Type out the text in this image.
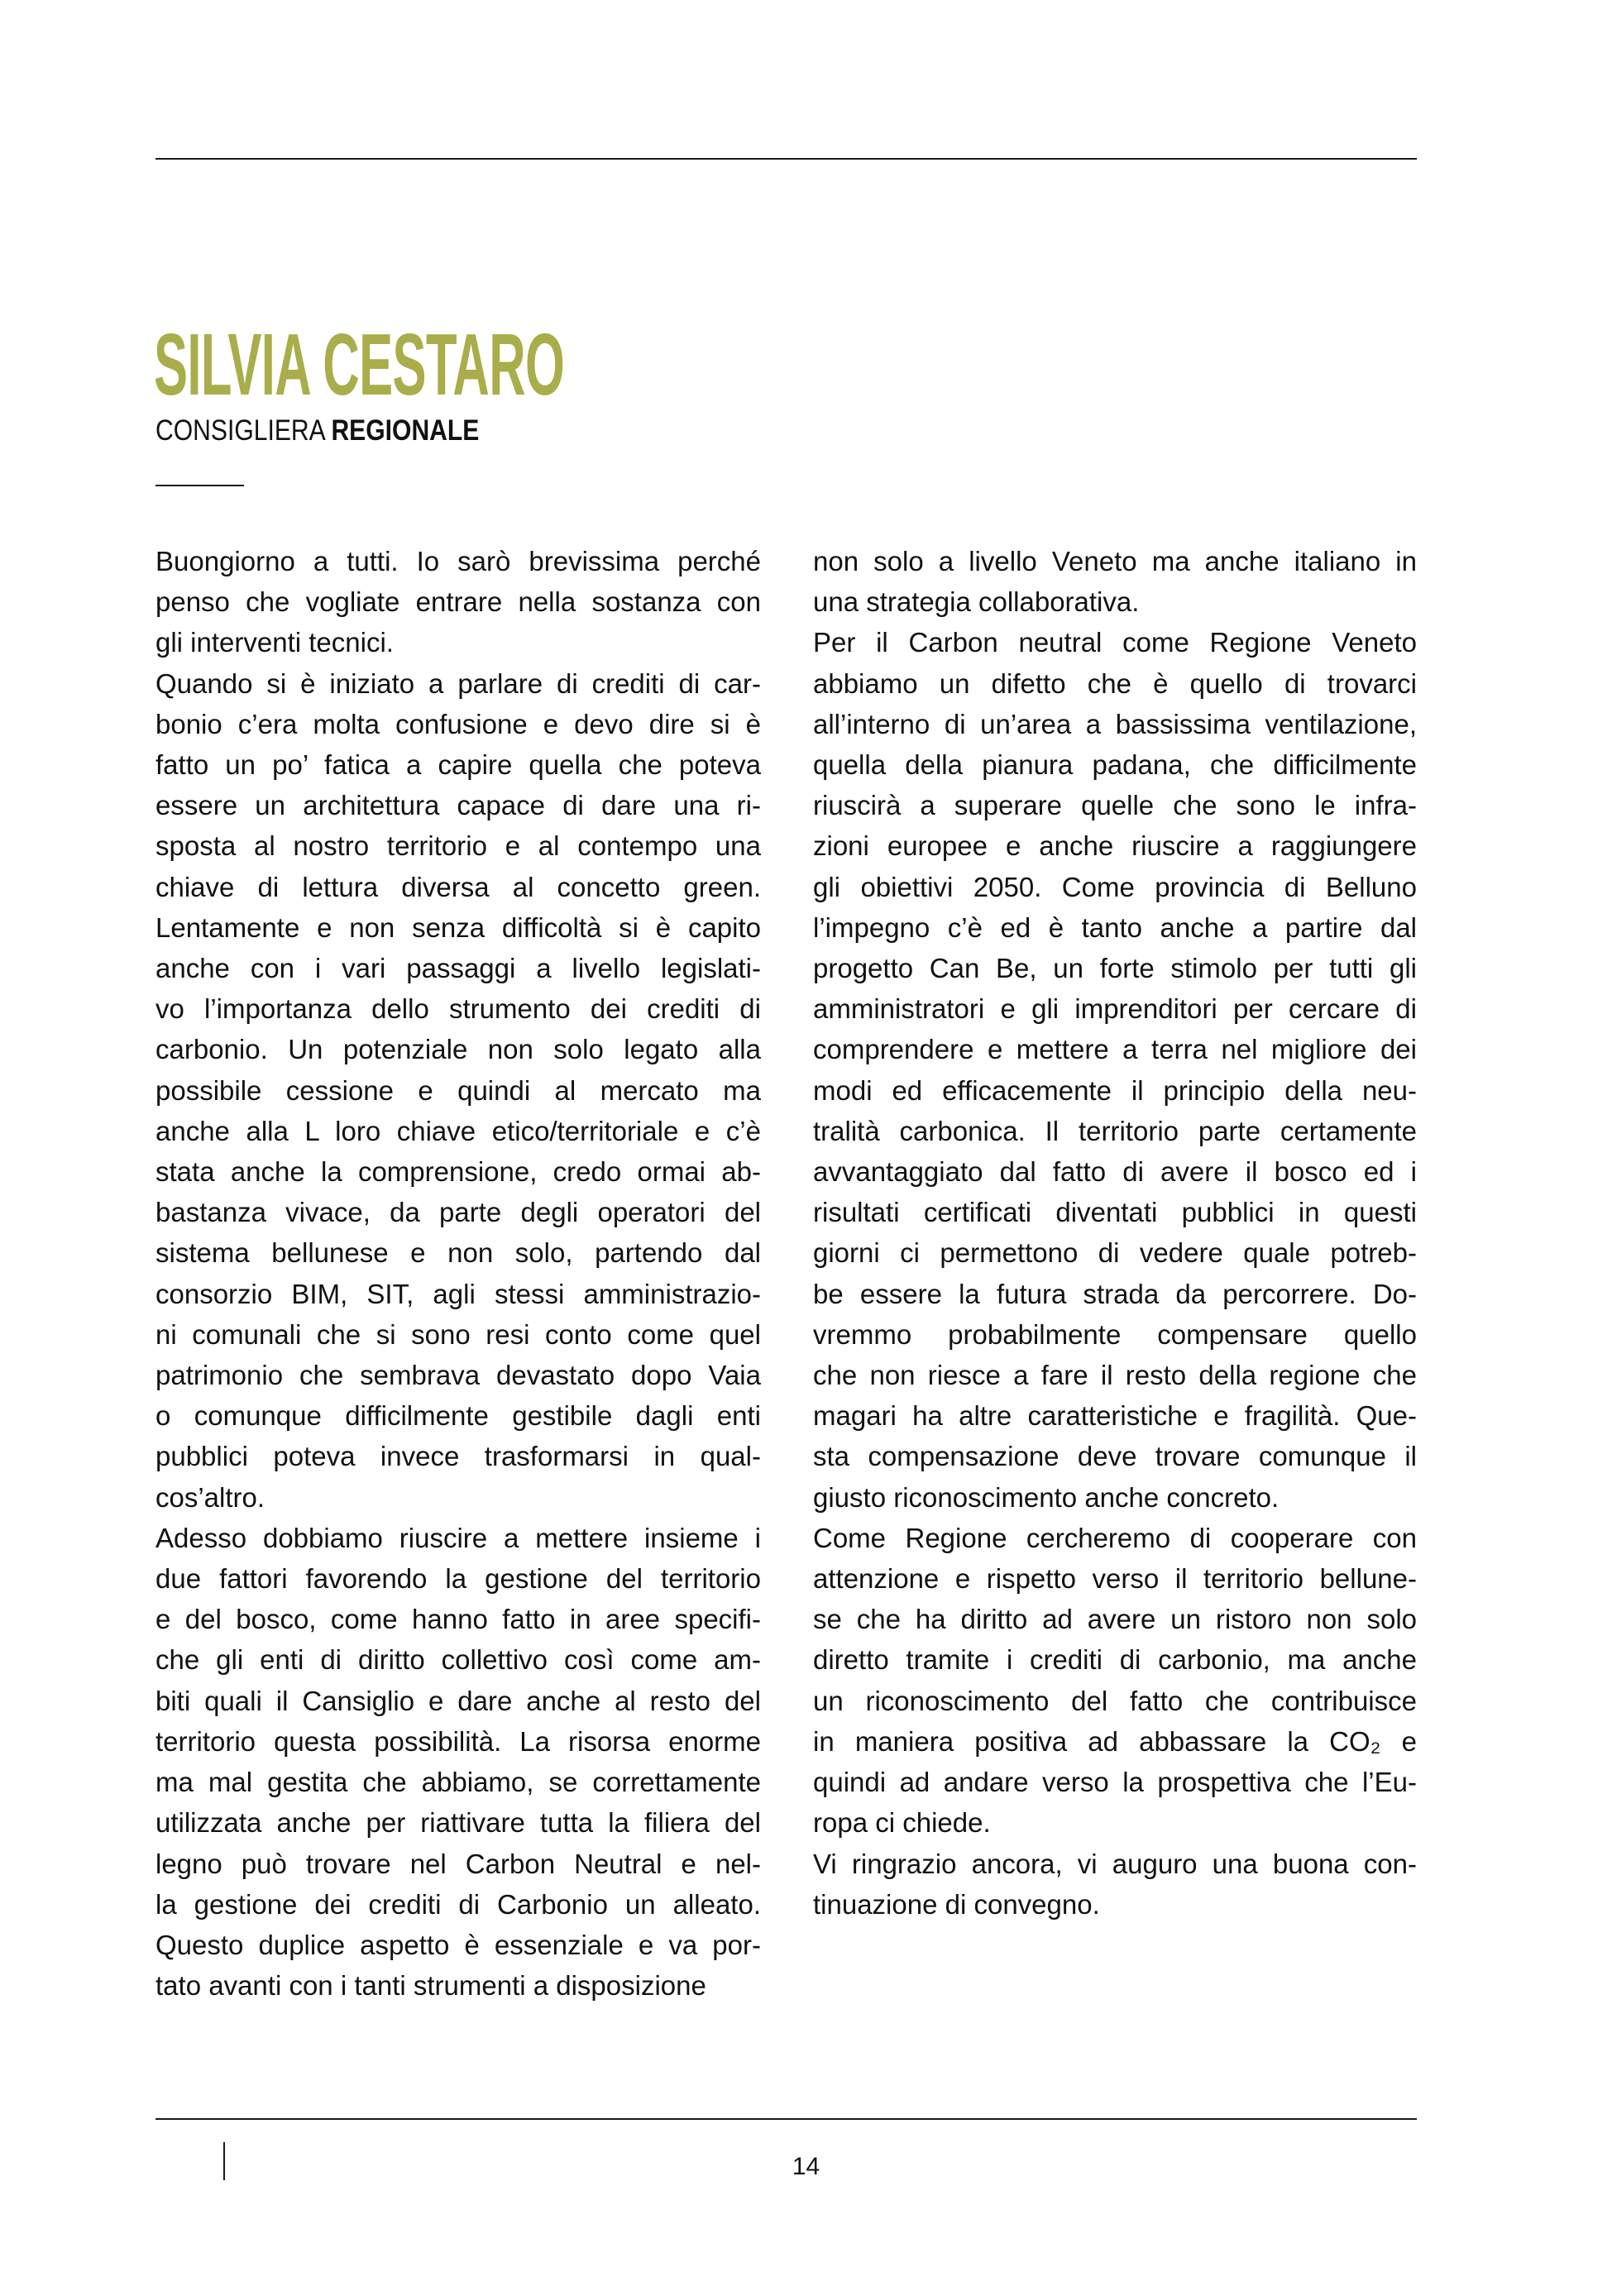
SILVIA CESTARO

CONSIGLIERA REGIONALE

Buongiorno a tutti. Io sarò brevissima perché
penso che vogliate entrare nella sostanza con
gli interventi tecnici.

Quando si è iniziato a parlare di crediti di car-
bonio c’era molta confusione e devo dire si è
fatto un po’ fatica a capire quella che poteva
essere un architettura capace di dare una ri-
sposta al nostro territorio e al contempo una
chiave di lettura diversa al concetto green.
Lentamente e non senza difficoltà si è capito
anche con i vari passaggi a livello legislati-
vo l’importanza dello strumento dei crediti di
carbonio. Un potenziale non solo legato alla
possibile cessione e quindi al mercato ma
anche alla L loro chiave etico/territoriale e c’è
stata anche la comprensione, credo ormai ab-
bastanza vivace, da parte degli operatori del
sistema bellunese e non solo, partendo dal
consorzio BIM, SIT, agli stessi amministrazio-
ni comunali che si sono resi conto come quel
patrimonio che sembrava devastato dopo Vaia
o comunque difficilmente gestibile dagli enti
pubblici poteva invece trasformarsi in qual-
cos’altro.

Adesso dobbiamo riuscire a mettere insieme i
due fattori favorendo la gestione del territorio
e del bosco, come hanno fatto in aree specifi-
che gli enti di diritto collettivo così come am-
biti quali il Cansiglio e dare anche al resto del
territorio questa possibilità. La risorsa enorme
ma mal gestita che abbiamo, se correttamente
utilizzata anche per riattivare tutta la filiera del
legno può trovare nel Carbon Neutral e nel-
la gestione dei crediti di Carbonio un alleato.
Questo duplice aspetto è essenziale e va por-
tato avanti con i tanti strumenti a disposizione

non solo a livello Veneto ma anche italiano in
una strategia collaborativa.

Per il Carbon neutral come Regione Veneto
abbiamo un difetto che è quello di trovarci
all’interno di un’area a bassissima ventilazione,
quella della pianura padana, che difficilmente
riuscirà a superare quelle che sono le infra-
zioni europee e anche riuscire a raggiungere
gli obiettivi 2050. Come provincia di Belluno
l’impegno c’è ed è tanto anche a partire dal
progetto Can Be, un forte stimolo per tutti gli
amministratori e gli imprenditori per cercare di
comprendere e mettere a terra nel migliore dei
modi ed efficacemente il principio della neu-
tralità carbonica. Il territorio parte certamente
avvantaggiato dal fatto di avere il bosco ed i
risultati certificati diventati pubblici in questi
giorni ci permettono di vedere quale potreb-
be essere la futura strada da percorrere. Do-
vremmo probabilmente compensare quello
che non riesce a fare il resto della regione che
magari ha altre caratteristiche e fragilità. Que-
sta compensazione deve trovare comunque il
giusto riconoscimento anche concreto.

Come Regione cercheremo di cooperare con
attenzione e rispetto verso il territorio bellune-
se che ha diritto ad avere un ristoro non solo
diretto tramite i crediti di carbonio, ma anche
un riconoscimento del fatto che contribuisce
in maniera positiva ad abbassare la CO₂ e
quindi ad andare verso la prospettiva che l’Eu-
ropa ci chiede.

Vi ringrazio ancora, vi auguro una buona con-
tinuazione di convegno.

14
